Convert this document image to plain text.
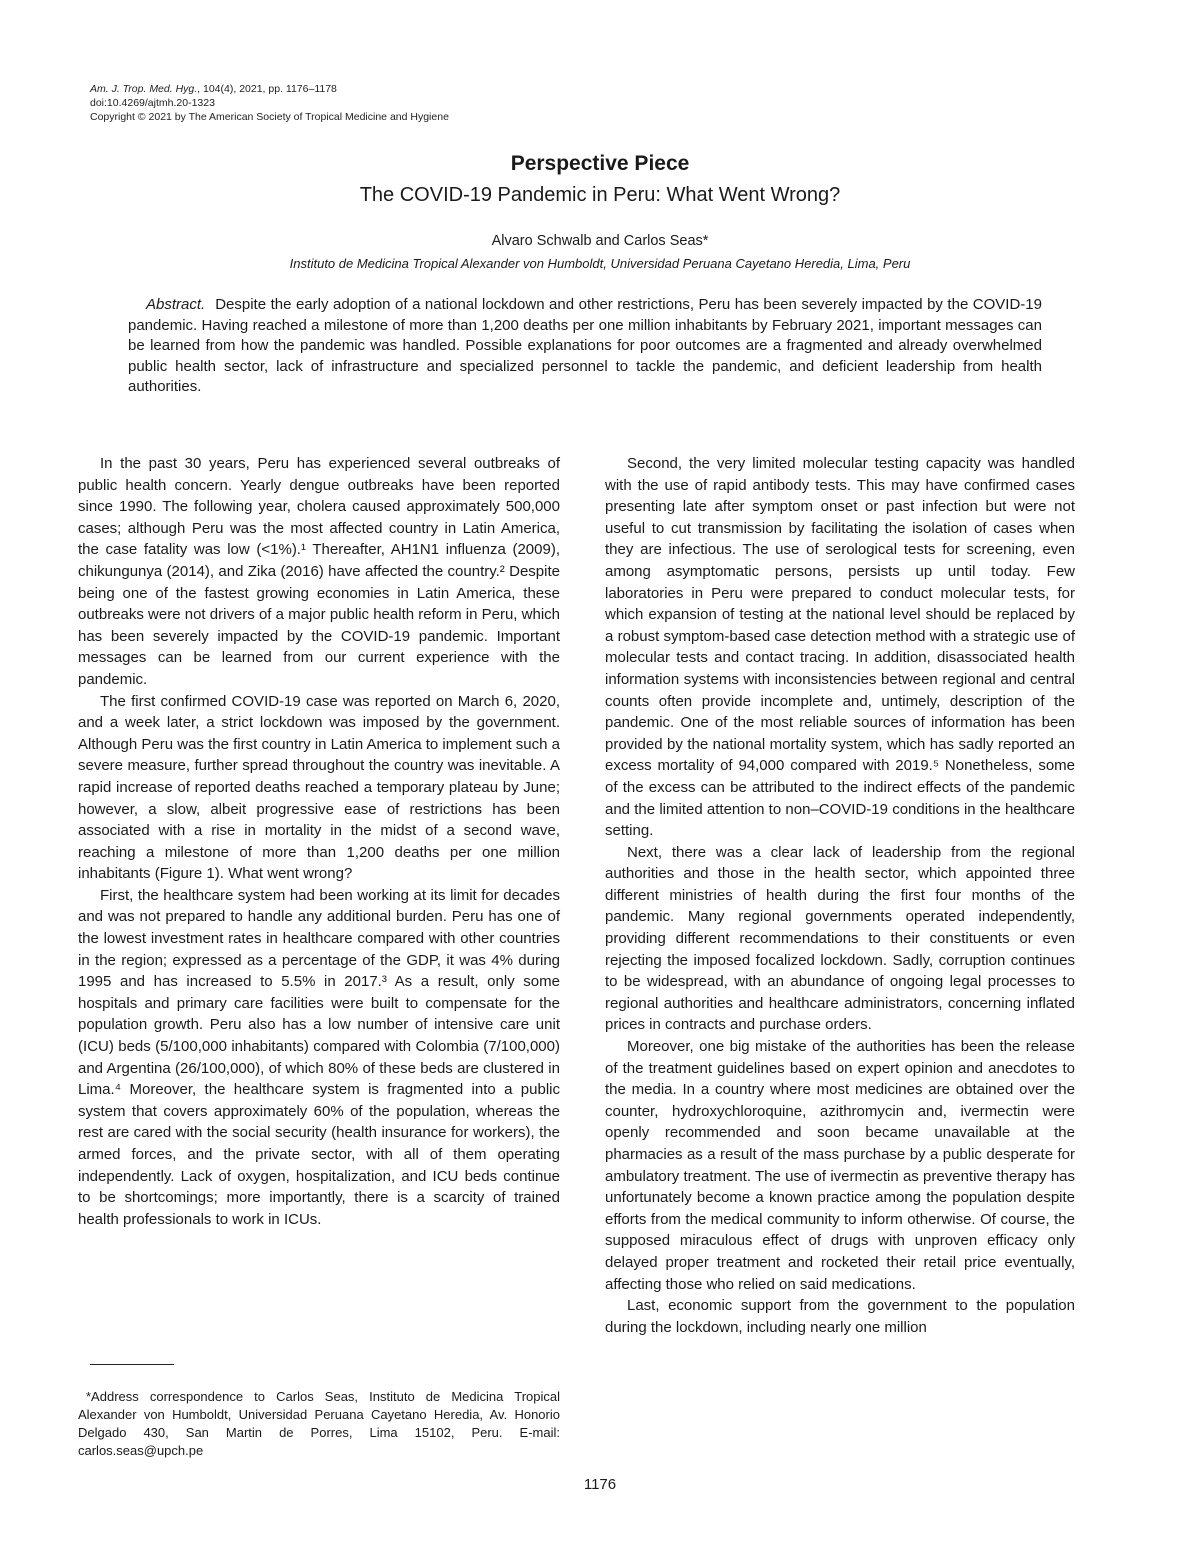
Am. J. Trop. Med. Hyg., 104(4), 2021, pp. 1176–1178
doi:10.4269/ajtmh.20-1323
Copyright © 2021 by The American Society of Tropical Medicine and Hygiene
Perspective Piece
The COVID-19 Pandemic in Peru: What Went Wrong?
Alvaro Schwalb and Carlos Seas*
Instituto de Medicina Tropical Alexander von Humboldt, Universidad Peruana Cayetano Heredia, Lima, Peru
Abstract. Despite the early adoption of a national lockdown and other restrictions, Peru has been severely impacted by the COVID-19 pandemic. Having reached a milestone of more than 1,200 deaths per one million inhabitants by February 2021, important messages can be learned from how the pandemic was handled. Possible explanations for poor outcomes are a fragmented and already overwhelmed public health sector, lack of infrastructure and specialized personnel to tackle the pandemic, and deficient leadership from health authorities.

In the past 30 years, Peru has experienced several outbreaks of public health concern. Yearly dengue outbreaks have been reported since 1990. The following year, cholera caused approximately 500,000 cases; although Peru was the most affected country in Latin America, the case fatality was low (<1%).¹ Thereafter, AH1N1 influenza (2009), chikungunya (2014), and Zika (2016) have affected the country.² Despite being one of the fastest growing economies in Latin America, these outbreaks were not drivers of a major public health reform in Peru, which has been severely impacted by the COVID-19 pandemic. Important messages can be learned from our current experience with the pandemic.

The first confirmed COVID-19 case was reported on March 6, 2020, and a week later, a strict lockdown was imposed by the government. Although Peru was the first country in Latin America to implement such a severe measure, further spread throughout the country was inevitable. A rapid increase of reported deaths reached a temporary plateau by June; however, a slow, albeit progressive ease of restrictions has been associated with a rise in mortality in the midst of a second wave, reaching a milestone of more than 1,200 deaths per one million inhabitants (Figure 1). What went wrong?

First, the healthcare system had been working at its limit for decades and was not prepared to handle any additional burden. Peru has one of the lowest investment rates in healthcare compared with other countries in the region; expressed as a percentage of the GDP, it was 4% during 1995 and has increased to 5.5% in 2017.³ As a result, only some hospitals and primary care facilities were built to compensate for the population growth. Peru also has a low number of intensive care unit (ICU) beds (5/100,000 inhabitants) compared with Colombia (7/100,000) and Argentina (26/100,000), of which 80% of these beds are clustered in Lima.⁴ Moreover, the healthcare system is fragmented into a public system that covers approximately 60% of the population, whereas the rest are cared with the social security (health insurance for workers), the armed forces, and the private sector, with all of them operating independently. Lack of oxygen, hospitalization, and ICU beds continue to be shortcomings; more importantly, there is a scarcity of trained health professionals to work in ICUs.

Second, the very limited molecular testing capacity was handled with the use of rapid antibody tests. This may have confirmed cases presenting late after symptom onset or past infection but were not useful to cut transmission by facilitating the isolation of cases when they are infectious. The use of serological tests for screening, even among asymptomatic persons, persists up until today. Few laboratories in Peru were prepared to conduct molecular tests, for which expansion of testing at the national level should be replaced by a robust symptom-based case detection method with a strategic use of molecular tests and contact tracing. In addition, disassociated health information systems with inconsistencies between regional and central counts often provide incomplete and, untimely, description of the pandemic. One of the most reliable sources of information has been provided by the national mortality system, which has sadly reported an excess mortality of 94,000 compared with 2019.⁵ Nonetheless, some of the excess can be attributed to the indirect effects of the pandemic and the limited attention to non–COVID-19 conditions in the healthcare setting.

Next, there was a clear lack of leadership from the regional authorities and those in the health sector, which appointed three different ministries of health during the first four months of the pandemic. Many regional governments operated independently, providing different recommendations to their constituents or even rejecting the imposed focalized lockdown. Sadly, corruption continues to be widespread, with an abundance of ongoing legal processes to regional authorities and healthcare administrators, concerning inflated prices in contracts and purchase orders.

Moreover, one big mistake of the authorities has been the release of the treatment guidelines based on expert opinion and anecdotes to the media. In a country where most medicines are obtained over the counter, hydroxychloroquine, azithromycin and, ivermectin were openly recommended and soon became unavailable at the pharmacies as a result of the mass purchase by a public desperate for ambulatory treatment. The use of ivermectin as preventive therapy has unfortunately become a known practice among the population despite efforts from the medical community to inform otherwise. Of course, the supposed miraculous effect of drugs with unproven efficacy only delayed proper treatment and rocketed their retail price eventually, affecting those who relied on said medications.

Last, economic support from the government to the population during the lockdown, including nearly one million

*Address correspondence to Carlos Seas, Instituto de Medicina Tropical Alexander von Humboldt, Universidad Peruana Cayetano Heredia, Av. Honorio Delgado 430, San Martin de Porres, Lima 15102, Peru. E-mail: carlos.seas@upch.pe
1176
